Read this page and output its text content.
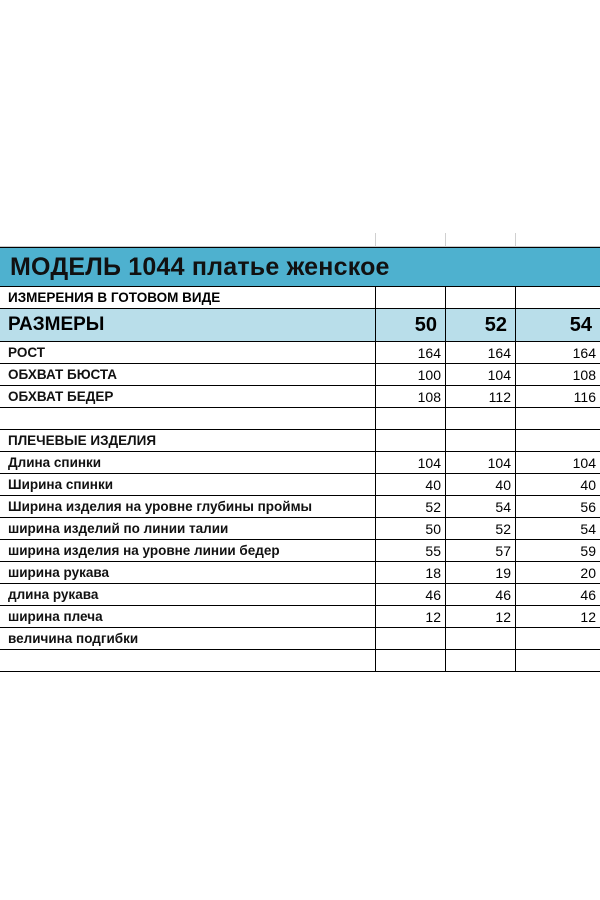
МОДЕЛЬ 1044 платье женское
ИЗМЕРЕНИЯ В ГОТОВОМ ВИДЕ
РАЗМЕРЫ	50	52	54
РОСТ	164	164	164
ОБХВАТ БЮСТА	100	104	108
ОБХВАТ БЕДЕР	108	112	116
ПЛЕЧЕВЫЕ ИЗДЕЛИЯ
Длина спинки	104	104	104
Ширина спинки	40	40	40
Ширина изделия на уровне глубины проймы	52	54	56
ширина изделий по линии талии	50	52	54
ширина изделия на уровне линии бедер	55	57	59
ширина рукава	18	19	20
длина рукава	46	46	46
ширина плеча	12	12	12
величина подгибки
